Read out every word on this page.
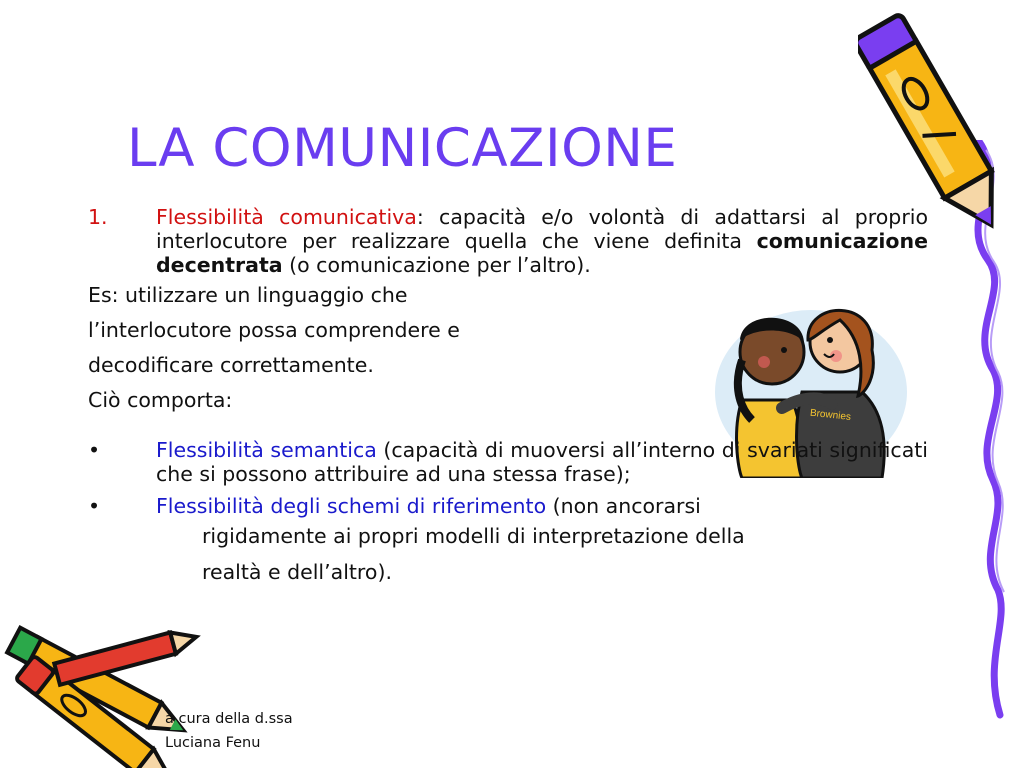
Brownies
LA COMUNICAZIONE
1. Flessibilità comunicativa: capacità e/o volontà di adattarsi al proprio interlocutore per realizzare quella che viene definita comunicazione decentrata (o comunicazione per l’altro).

Es: utilizzare un linguaggio che

l’interlocutore possa comprendere e

decodificare correttamente.

Ciò comporta:

•	Flessibilità semantica (capacità di muoversi all’interno di svariati significati che si possono attribuire ad una stessa frase);
•	Flessibilità degli schemi di riferimento (non ancorarsi

rigidamente ai propri modelli di interpretazione della

realtà e dell’altro).

a cura della d.ssa
Luciana Fenu
